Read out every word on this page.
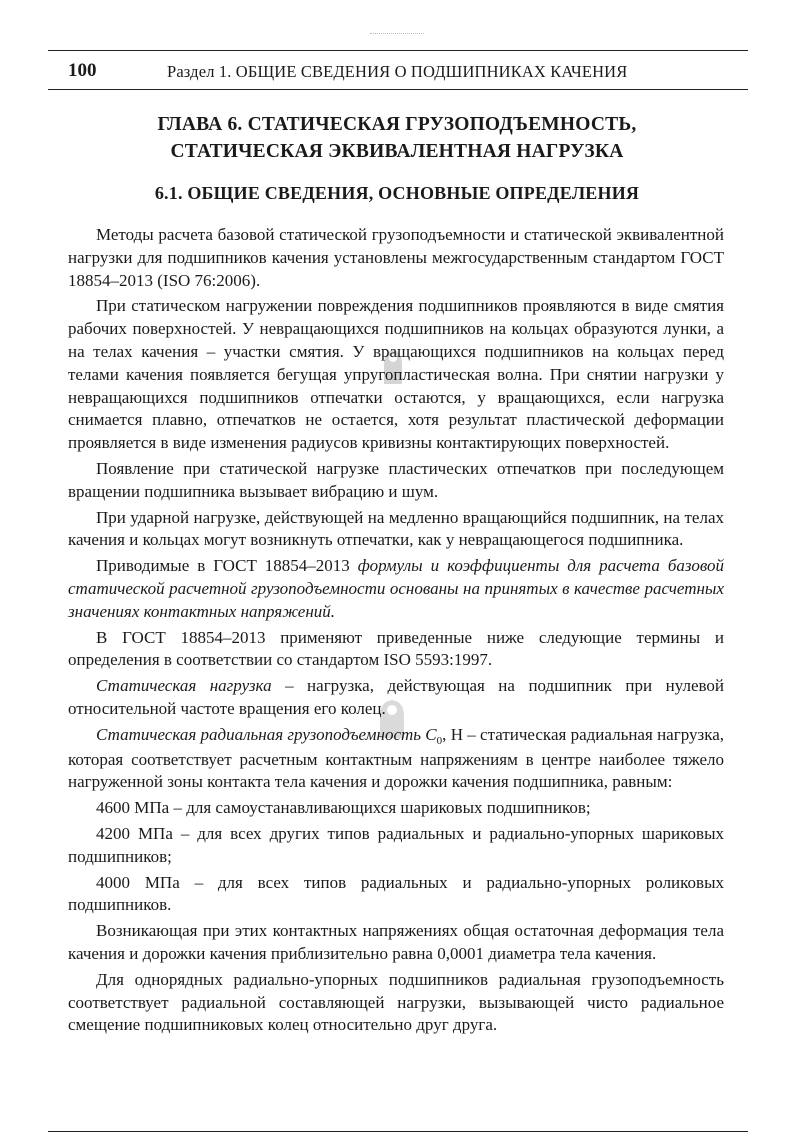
100	Раздел 1. ОБЩИЕ СВЕДЕНИЯ О ПОДШИПНИКАХ КАЧЕНИЯ
ГЛАВА 6. СТАТИЧЕСКАЯ ГРУЗОПОДЪЕМНОСТЬ,
СТАТИЧЕСКАЯ ЭКВИВАЛЕНТНАЯ НАГРУЗКА
6.1. ОБЩИЕ СВЕДЕНИЯ, ОСНОВНЫЕ ОПРЕДЕЛЕНИЯ

Методы расчета базовой статической грузоподъемности и статической эквивалентной нагрузки для подшипников качения установлены межгосударственным стандартом ГОСТ 18854–2013 (ISO 76:2006).

При статическом нагружении повреждения подшипников проявляются в виде смятия рабочих поверхностей. У невращающихся подшипников на кольцах образуются лунки, а на телах качения – участки смятия. У вращающихся подшипников на кольцах перед телами качения появляется бегущая упругопластическая волна. При снятии нагрузки у невращающихся подшипников отпечатки остаются, у вращающихся, если нагрузка снимается плавно, отпечатков не остается, хотя результат пластической деформации проявляется в виде изменения радиусов кривизны контактирующих поверхностей.

Появление при статической нагрузке пластических отпечатков при последующем вращении подшипника вызывает вибрацию и шум.

При ударной нагрузке, действующей на медленно вращающийся подшипник, на телах качения и кольцах могут возникнуть отпечатки, как у невращающегося подшипника.

Приводимые в ГОСТ 18854–2013 формулы и коэффициенты для расчета базовой статической расчетной грузоподъемности основаны на принятых в качестве расчетных значениях контактных напряжений.

В ГОСТ 18854–2013 применяют приведенные ниже следующие термины и определения в соответствии со стандартом ISO 5593:1997.

Статическая нагрузка – нагрузка, действующая на подшипник при нулевой относительной частоте вращения его колец.

Статическая радиальная грузоподъемность $C_0$, Н – статическая радиальная нагрузка, которая соответствует расчетным контактным напряжениям в центре наиболее тяжело нагруженной зоны контакта тела качения и дорожки качения подшипника, равным:

4600 МПа – для самоустанавливающихся шариковых подшипников;

4200 МПа – для всех других типов радиальных и радиально-упорных шариковых подшипников;

4000 МПа – для всех типов радиальных и радиально-упорных роликовых подшипников.

Возникающая при этих контактных напряжениях общая остаточная деформация тела качения и дорожки качения приблизительно равна 0,0001 диаметра тела качения.

Для однорядных радиально-упорных подшипников радиальная грузоподъемность соответствует радиальной составляющей нагрузки, вызывающей чисто радиальное смещение подшипниковых колец относительно друг друга.
